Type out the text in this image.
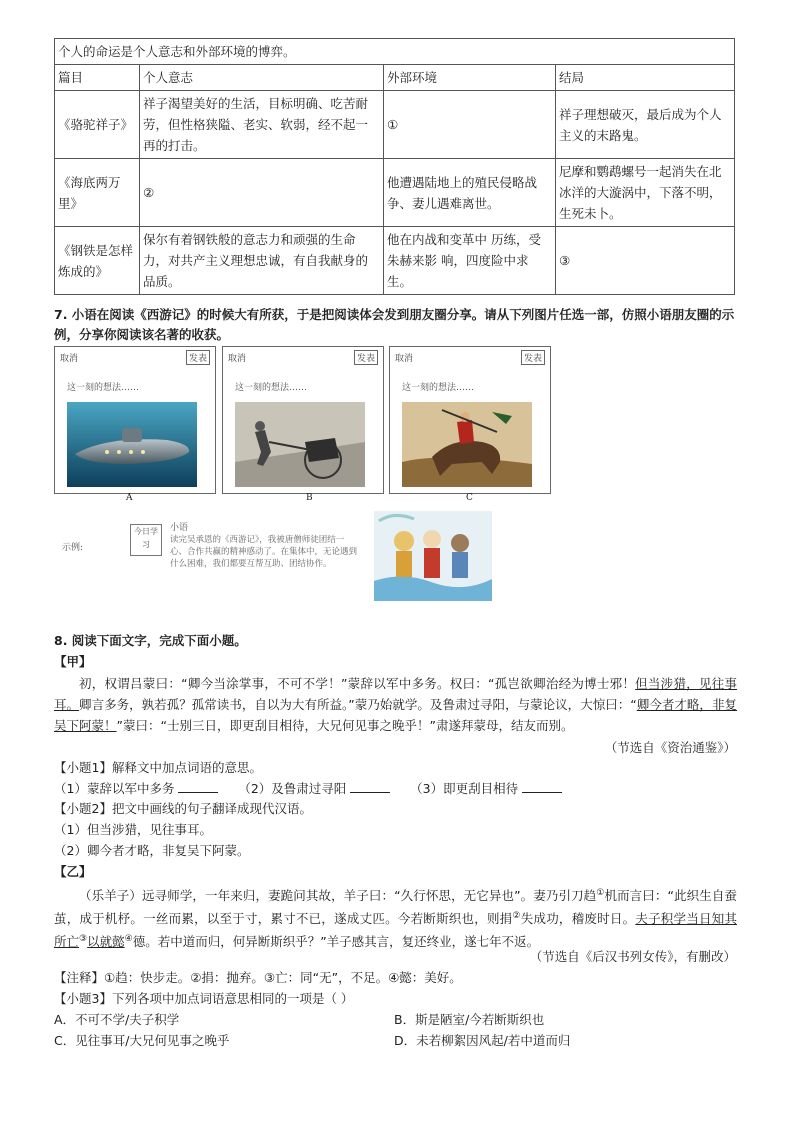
个人的命运是个人意志和外部环境的博弈。			
篇目	个人意志	外部环境	结局
《骆驼祥子》	祥子渴望美好的生活，目标明确、吃苦耐劳，但性格狭隘、老实、软弱，经不起一再的打击。	①	祥子理想破灭，最后成为个人主义的末路鬼。
《海底两万里》	②	他遭遇陆地上的殖民侵略战争、妻儿遇难离世。	尼摩和鹦鹉螺号一起消失在北冰洋的大漩涡中，下落不明，生死未卜。
《钢铁是怎样炼成的》	保尔有着钢铁般的意志力和顽强的生命力，对共产主义理想忠诚，有自我献身的品质。	他在内战和变革中 历练，受朱赫来影 响，四度险中求生。	③
7. 小语在阅读《西游记》的时候大有所获，于是把阅读体会发到朋友圈分享。请从下列图片任选一部，仿照小语朋友圈的示例，分享你阅读该名著的收获。
取消	发表
这一刻的想法……
A
取消	发表
这一刻的想法……
B
取消	发表
这一刻的想法……
C
示例:
今日学习
小语
读完吴承恩的《西游记》，我被唐僧师徒团结一心、合作共赢的精神感动了。在集体中，无论遇到什么困难，我们都要互帮互助、团结协作。
8. 阅读下面文字，完成下面小题。
【甲】
初，权谓吕蒙曰：“卿今当涂掌事，不可不学！”蒙辞以军中多务。权曰：“孤岂欲卿治经为博士邪！但当涉猎，见往事耳。卿言多务，孰若孤？孤常读书，自以为大有所益。”蒙乃始就学。及鲁肃过寻阳，与蒙论议，大惊曰：“卿今者才略，非复吴下阿蒙！”蒙曰：“士别三日，即更刮目相待，大兄何见事之晚乎！”肃遂拜蒙母，结友而别。
（节选自《资治通鉴》）
【小题1】解释文中加点词语的意思。
（1）蒙辞以军中多务	（2）及鲁肃过寻阳	（3）即更刮目相待
【小题2】把文中画线的句子翻译成现代汉语。
（1）但当涉猎，见往事耳。
（2）卿今者才略，非复吴下阿蒙。
【乙】
（乐羊子）远寻师学，一年来归，妻跪问其故，羊子曰：“久行怀思，无它异也”。妻乃引刀趋①机而言曰：“此织生自蚕茧，成于机杼。一丝而累，以至于寸，累寸不已，遂成丈匹。今若断斯织也，则捐②失成功，稽废时日。夫子积学当日知其所亡③以就懿④德。若中道而归，何异断斯织乎？”羊子感其言，复还终业，遂七年不返。
（节选自《后汉书列女传》，有删改）
【注释】①趋：快步走。②捐：抛弃。③亡：同“无”，不足。④懿：美好。
【小题3】下列各项中加点词语意思相同的一项是（ ）
A．不可不学/夫子积学	B．斯是陋室/今若断斯织也
C．见往事耳/大兄何见事之晚乎	D．未若柳絮因风起/若中道而归
